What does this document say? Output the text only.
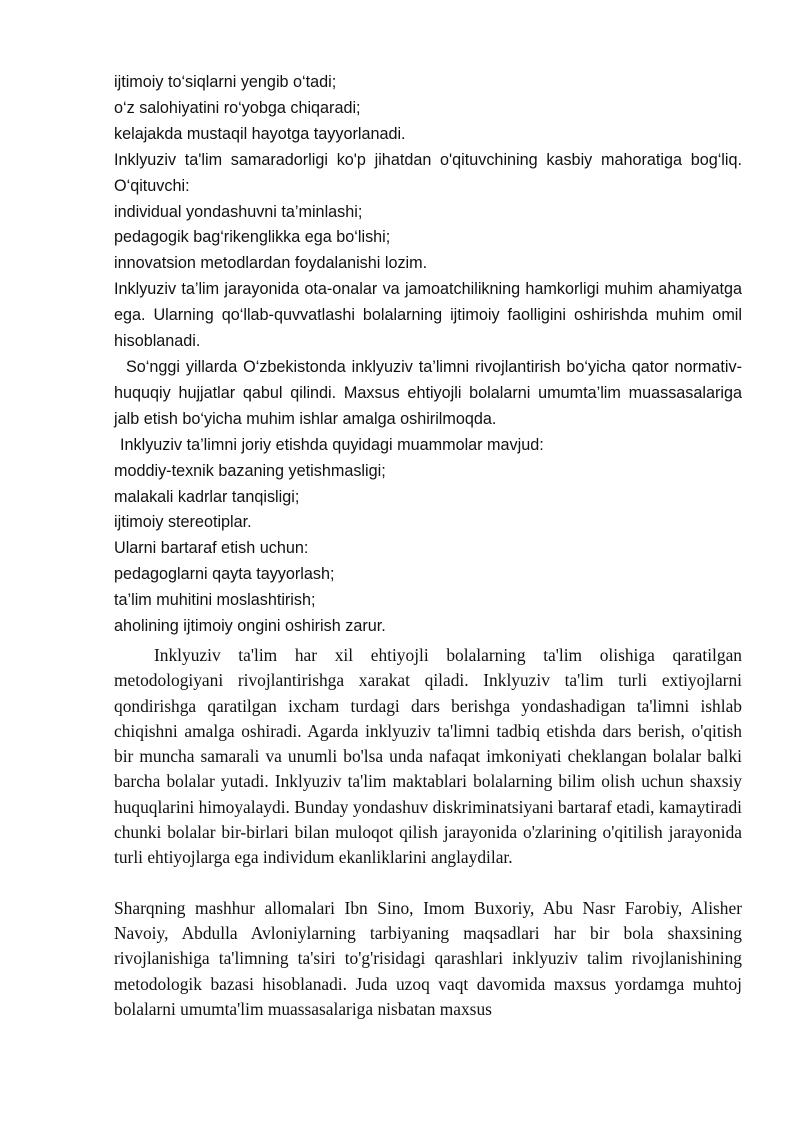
ijtimoiy to‘siqlarni yengib o‘tadi;

o‘z salohiyatini ro‘yobga chiqaradi;

kelajakda mustaqil hayotga tayyorlanadi.

Inklyuziv ta'lim samaradorligi ko'p jihatdan o'qituvchining kasbiy mahoratiga bog‘liq. O‘qituvchi:

individual yondashuvni ta’minlashi;

pedagogik bag‘rikenglikka ega bo‘lishi;

innovatsion metodlardan foydalanishi lozim.

Inklyuziv ta’lim jarayonida ota-onalar va jamoatchilikning hamkorligi muhim ahamiyatga ega. Ularning qo‘llab-quvvatlashi bolalarning ijtimoiy faolligini oshirishda muhim omil hisoblanadi.

So‘nggi yillarda O‘zbekistonda inklyuziv ta’limni rivojlantirish bo‘yicha qator normativ-huquqiy hujjatlar qabul qilindi. Maxsus ehtiyojli bolalarni umumta’lim muassasalariga jalb etish bo‘yicha muhim ishlar amalga oshirilmoqda.

Inklyuziv ta’limni joriy etishda quyidagi muammolar mavjud:

moddiy-texnik bazaning yetishmasligi;

malakali kadrlar tanqisligi;

ijtimoiy stereotiplar.

Ularni bartaraf etish uchun:

pedagoglarni qayta tayyorlash;

ta’lim muhitini moslashtirish;

aholining ijtimoiy ongini oshirish zarur.

Inklyuziv ta'lim har xil ehtiyojli bolalarning ta'lim olishiga qaratilgan metodologiyani rivojlantirishga xarakat qiladi. Inklyuziv ta'lim turli extiyojlarni qondirishga qaratilgan ixcham turdagi dars berishga yondashadigan ta'limni ishlab chiqishni amalga oshiradi. Agarda inklyuziv ta'limni tadbiq etishda dars berish, o'qitish bir muncha samarali va unumli bo'lsa unda nafaqat imkoniyati cheklangan bolalar balki barcha bolalar yutadi. Inklyuziv ta'lim maktablari bolalarning bilim olish uchun shaxsiy huquqlarini himoyalaydi. Bunday yondashuv diskriminatsiyani bartaraf etadi, kamaytiradi chunki bolalar bir-birlari bilan muloqot qilish jarayonida o'zlarining o'qitilish jarayonida turli ehtiyojlarga ega individum ekanliklarini anglaydilar.

Sharqning mashhur allomalari Ibn Sino, Imom Buxoriy, Abu Nasr Farobiy, Alisher Navoiy, Abdulla Avloniylarning tarbiyaning maqsadlari har bir bola shaxsining rivojlanishiga ta'limning ta'siri to'g'risidagi qarashlari inklyuziv talim rivojlanishining metodologik bazasi hisoblanadi. Juda uzoq vaqt davomida maxsus yordamga muhtoj bolalarni umumta'lim muassasalariga nisbatan maxsus
